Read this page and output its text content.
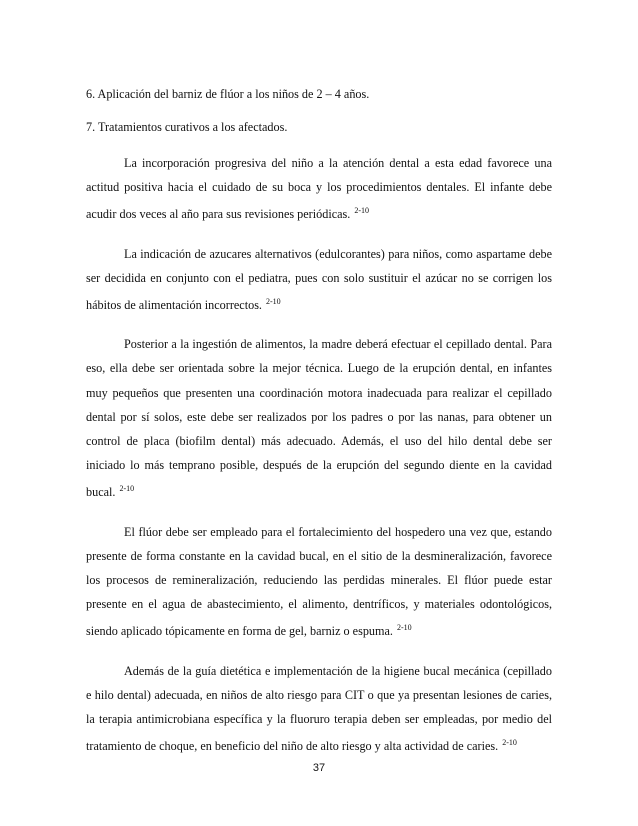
6. Aplicación del barniz de flúor a los niños de 2 – 4 años.
7. Tratamientos curativos a los afectados.

La incorporación progresiva del niño a la atención dental a esta edad favorece una actitud positiva hacia el cuidado de su boca y los procedimientos dentales. El infante debe acudir dos veces al año para sus revisiones periódicas. $^{2-10}$

La indicación de azucares alternativos (edulcorantes) para niños, como aspartame debe ser decidida en conjunto con el pediatra, pues con solo sustituir el azúcar no se corrigen los hábitos de alimentación incorrectos. $^{2-10}$

Posterior a la ingestión de alimentos, la madre deberá efectuar el cepillado dental. Para eso, ella debe ser orientada sobre la mejor técnica. Luego de la erupción dental, en infantes muy pequeños que presenten una coordinación motora inadecuada para realizar el cepillado dental por sí solos, este debe ser realizados por los padres o por las nanas, para obtener un control de placa (biofilm dental) más adecuado. Además, el uso del hilo dental debe ser iniciado lo más temprano posible, después de la erupción del segundo diente en la cavidad bucal. $^{2-10}$

El flúor debe ser empleado para el fortalecimiento del hospedero una vez que, estando presente de forma constante en la cavidad bucal, en el sitio de la desmineralización, favorece los procesos de remineralización, reduciendo las perdidas minerales. El flúor puede estar presente en el agua de abastecimiento, el alimento, dentríficos, y materiales odontológicos, siendo aplicado tópicamente en forma de gel, barniz o espuma. $^{2-10}$

Además de la guía dietética e implementación de la higiene bucal mecánica (cepillado e hilo dental) adecuada, en niños de alto riesgo para CIT o que ya presentan lesiones de caries, la terapia antimicrobiana específica y la fluoruro terapia deben ser empleadas, por medio del tratamiento de choque, en beneficio del niño de alto riesgo y alta actividad de caries. $^{2-10}$

37
